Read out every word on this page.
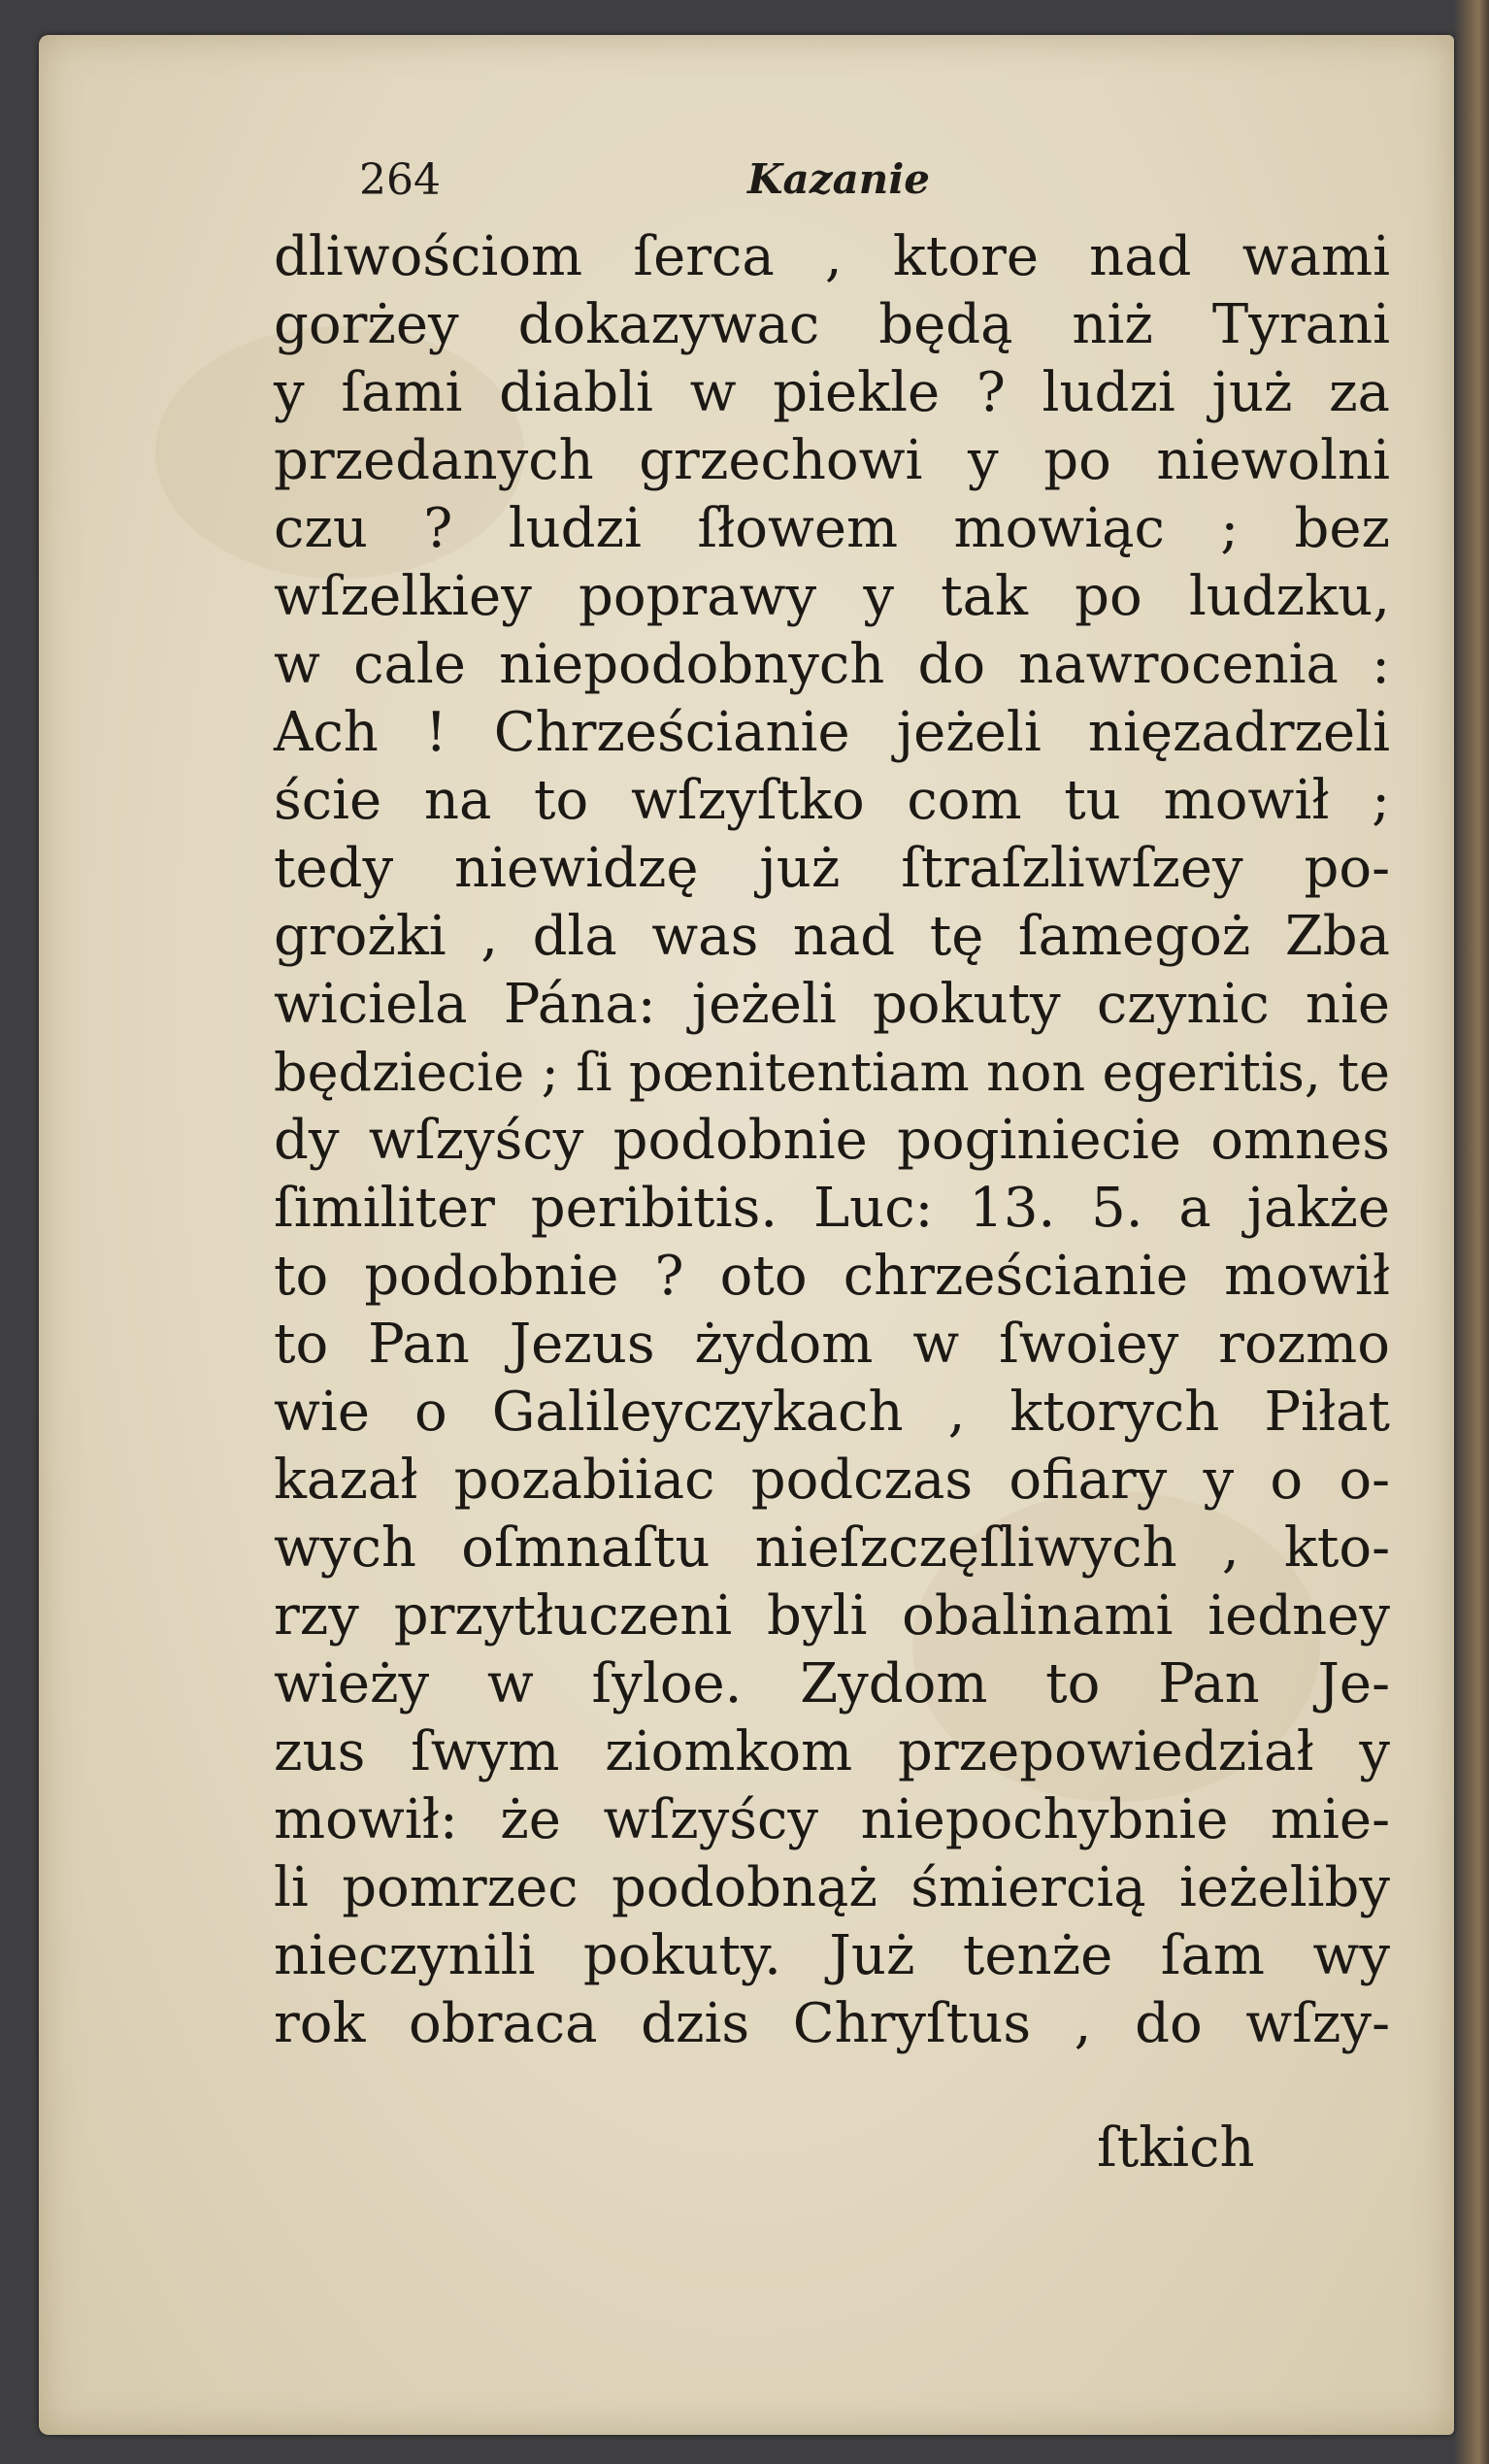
264	Kazanie
dliwościom ſerca , ktore nad wami
gorżey dokazywac będą niż Tyrani
y ſami diabli w piekle ? ludzi już za
przedanych grzechowi y po niewolni
czu ? ludzi ſłowem mowiąc ; bez
wſzelkiey poprawy y tak po ludzku,
w cale niepodobnych do nawrocenia :
Ach ! Chrześcianie jeżeli nięzadrzeli
ście na to wſzyſtko com tu mowił ;
tedy niewidzę już ſtraſzliwſzey po-
grożki , dla was nad tę ſamegoż Zba
wiciela Pána: jeżeli pokuty czynic nie
będziecie ; ſi pœnitentiam non egeritis, te
dy wſzyścy podobnie poginiecie omnes
ſimiliter peribitis. Luc: 13. 5. a jakże
to podobnie ? oto chrześcianie mowił
to Pan Jezus żydom w ſwoiey rozmo
wie o Galileyczykach , ktorych Piłat
kazał pozabiiac podczas ofiary y o o-
wych oſmnaſtu nieſzczęſliwych , kto-
rzy przytłuczeni byli obalinami iedney
wieży w ſyloe. Zydom to Pan Je-
zus ſwym ziomkom przepowiedział y
mowił: że wſzyścy niepochybnie mie-
li pomrzec podobnąż śmiercią ieżeliby
nieczynili pokuty. Już tenże ſam wy
rok obraca dzis Chryſtus , do wſzy-
ſtkich
